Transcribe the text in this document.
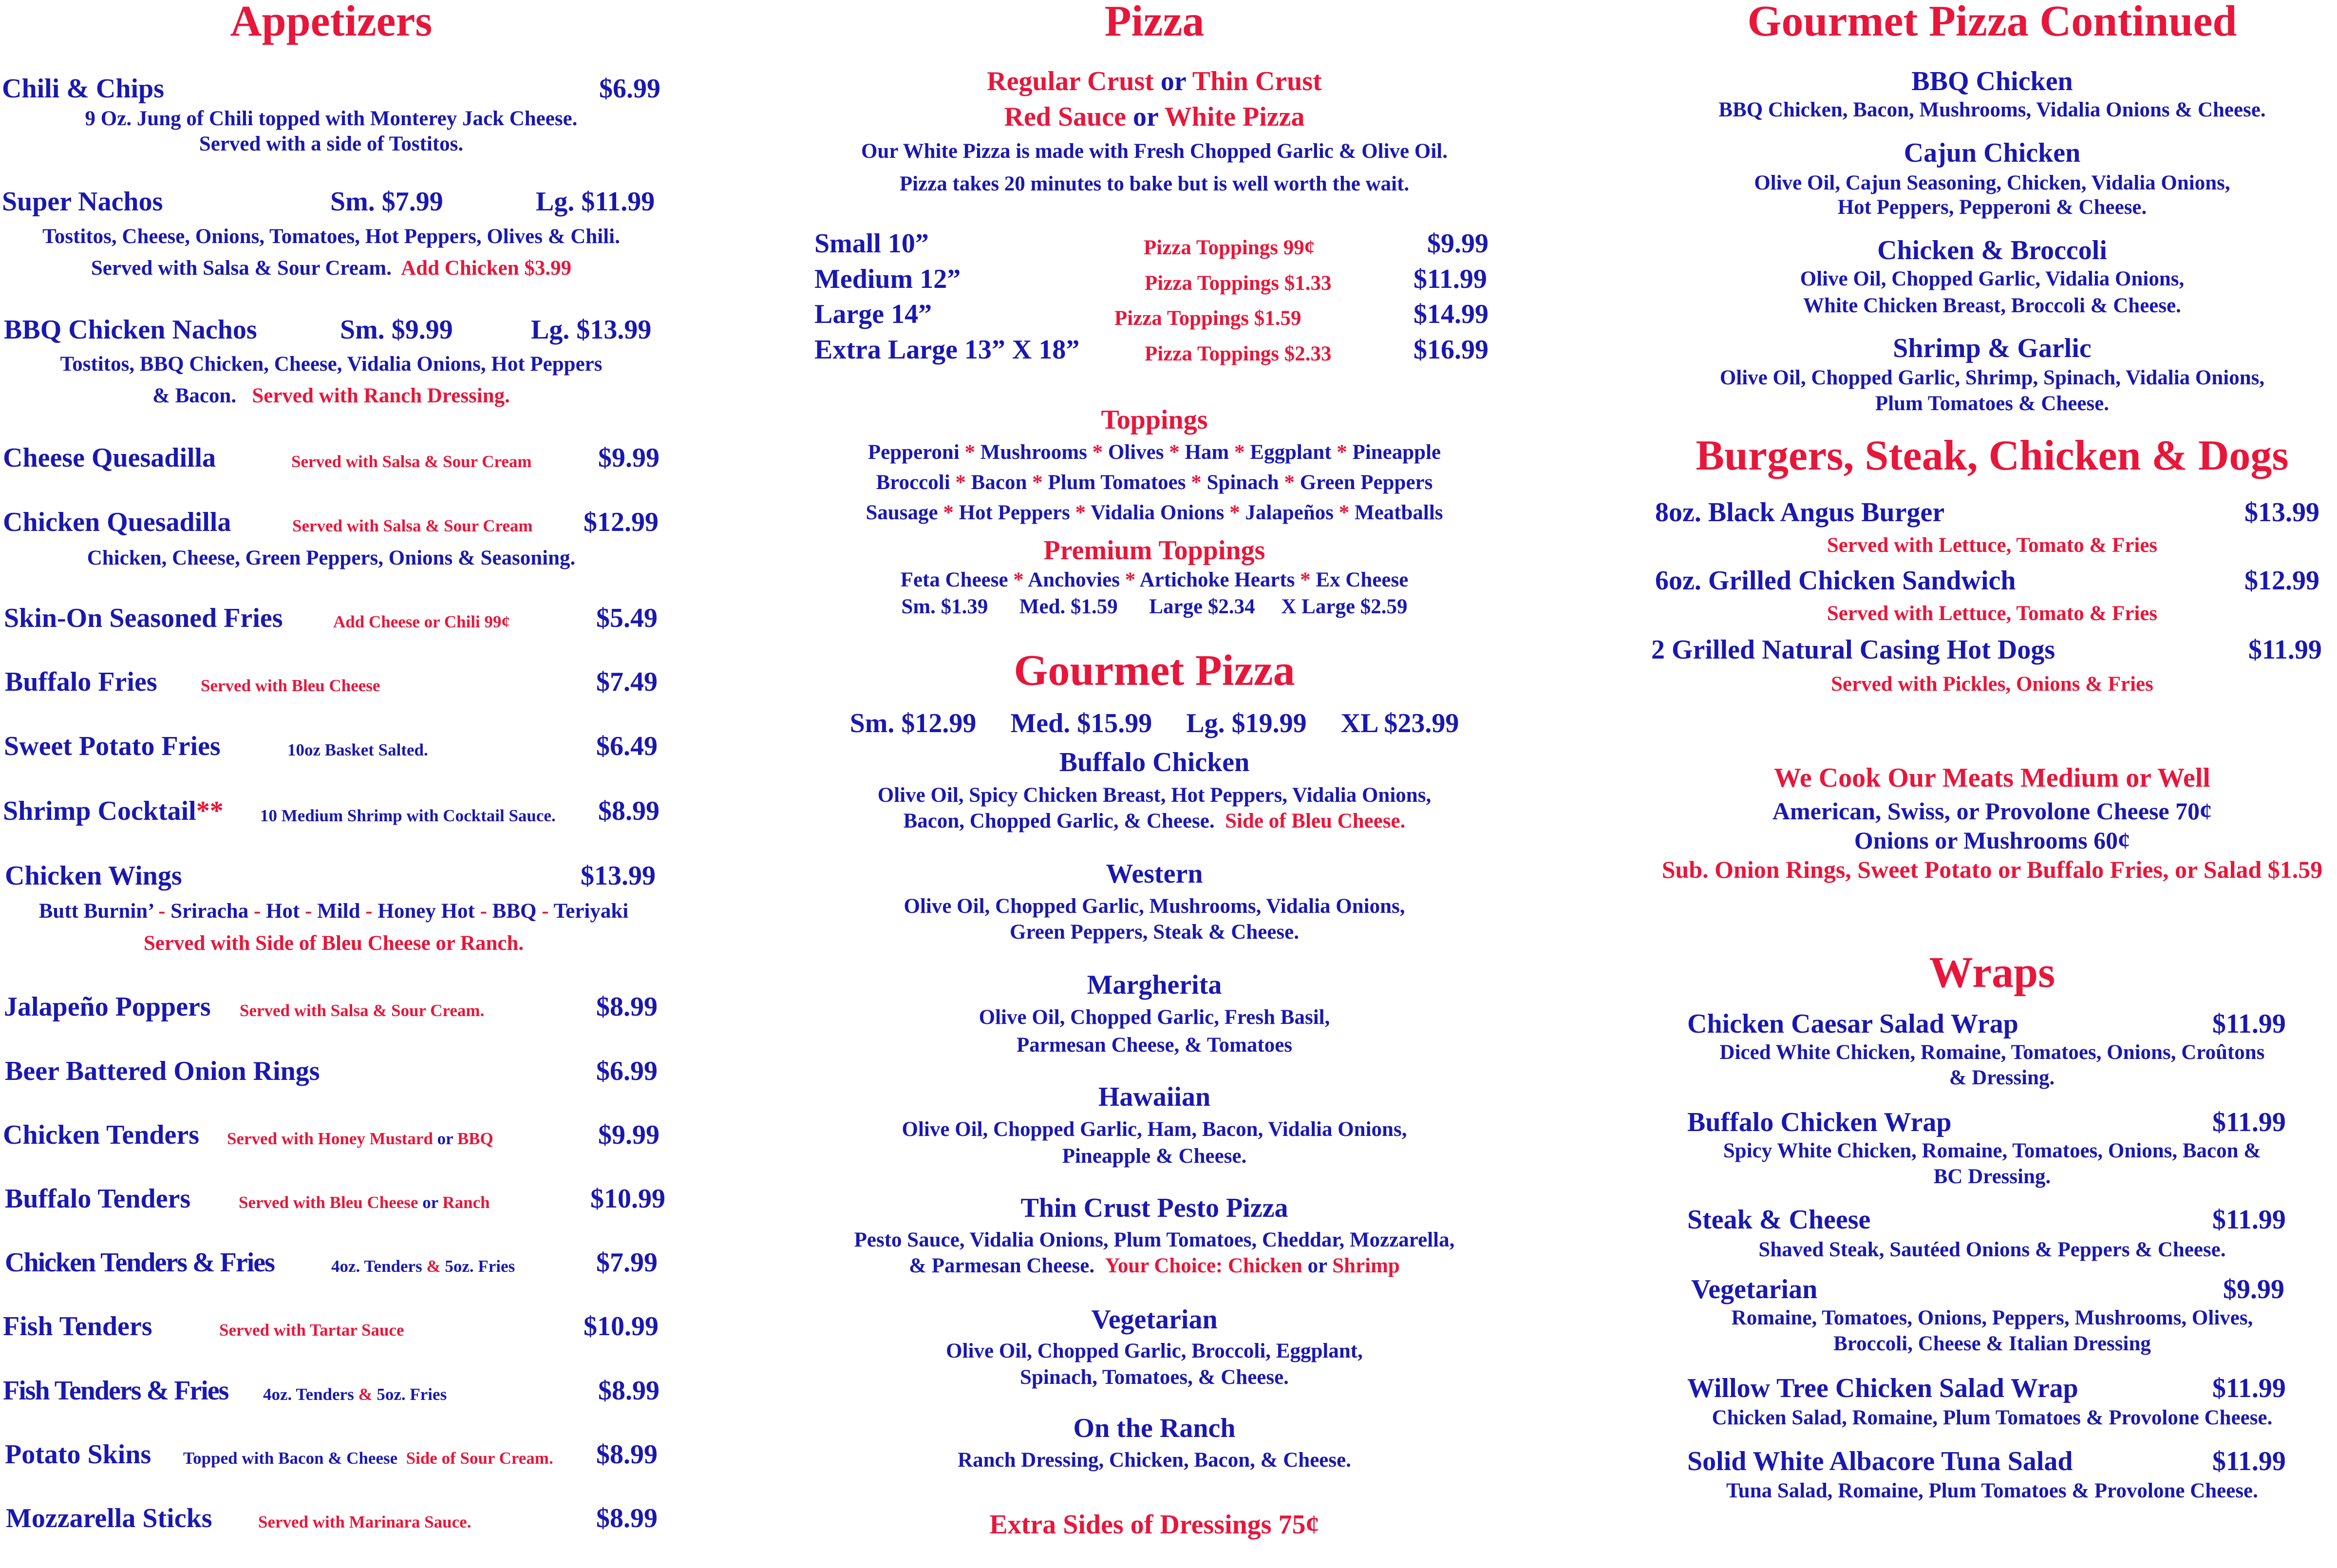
Appetizers
Chili & Chips	$6.99
9 Oz. Jung of Chili topped with Monterey Jack Cheese.
Served with a side of Tostitos.
Super Nachos	Sm. $7.99	Lg. $11.99
Tostitos, Cheese, Onions, Tomatoes, Hot Peppers, Olives & Chili.
Served with Salsa & Sour Cream. Add Chicken $3.99
BBQ Chicken Nachos	Sm. $9.99	Lg. $13.99
Tostitos, BBQ Chicken, Cheese, Vidalia Onions, Hot Peppers
& Bacon. Served with Ranch Dressing.
Cheese Quesadilla	Served with Salsa & Sour Cream $9.99
Chicken Quesadilla	Served with Salsa & Sour Cream $12.99
Chicken, Cheese, Green Peppers, Onions & Seasoning.
Skin-On Seasoned Fries	Add Cheese or Chili 99¢	$5.49
Buffalo Fries	Served with Bleu Cheese	$7.49
Sweet Potato Fries	10oz Basket Salted.	$6.49
Shrimp Cocktail** 10 Medium Shrimp with Cocktail Sauce. $8.99
Chicken Wings	$13.99
Butt Burnin’ - Sriracha - Hot - Mild - Honey Hot - BBQ - Teriyaki
Served with Side of Bleu Cheese or Ranch.
Jalapeño Poppers Served with Salsa & Sour Cream.	$8.99
Beer Battered Onion Rings	$6.99
Chicken Tenders Served with Honey Mustard or BBQ	$9.99
Buffalo Tenders	Served with Bleu Cheese or Ranch	$10.99
Chicken Tenders & Fries	4oz. Tenders & 5oz. Fries	$7.99
Fish Tenders	Served with Tartar Sauce	$10.99
Fish Tenders & Fries 4oz. Tenders & 5oz. Fries	$8.99
Potato Skins Topped with Bacon & Cheese Side of Sour Cream. $8.99
Mozzarella Sticks	Served with Marinara Sauce.	$8.99
Pizza
Regular Crust or Thin Crust
Red Sauce or White Pizza
Our White Pizza is made with Fresh Chopped Garlic & Olive Oil.
Pizza takes 20 minutes to bake but is well worth the wait.
Small 10”	Pizza Toppings 99¢	$9.99
Medium 12”	Pizza Toppings $1.33	$11.99
Large 14”	Pizza Toppings $1.59	$14.99
Extra Large 13” X 18”	Pizza Toppings $2.33	$16.99
Toppings
Pepperoni * Mushrooms * Olives * Ham * Eggplant * Pineapple
Broccoli * Bacon * Plum Tomatoes * Spinach * Green Peppers
Sausage * Hot Peppers * Vidalia Onions * Jalapeños * Meatballs
Premium Toppings
Feta Cheese * Anchovies * Artichoke Hearts * Ex Cheese
Sm. $1.39      Med. $1.59      Large $2.34     X Large $2.59
Gourmet Pizza
Sm. $12.99     Med. $15.99     Lg. $19.99     XL $23.99
Buffalo Chicken
Olive Oil, Spicy Chicken Breast, Hot Peppers, Vidalia Onions,
Bacon, Chopped Garlic, & Cheese. Side of Bleu Cheese.
Western
Olive Oil, Chopped Garlic, Mushrooms, Vidalia Onions,
Green Peppers, Steak & Cheese.
Margherita
Olive Oil, Chopped Garlic, Fresh Basil,
Parmesan Cheese, & Tomatoes
Hawaiian
Olive Oil, Chopped Garlic, Ham, Bacon, Vidalia Onions,
Pineapple & Cheese.
Thin Crust Pesto Pizza
Pesto Sauce, Vidalia Onions, Plum Tomatoes, Cheddar, Mozzarella,
& Parmesan Cheese. Your Choice: Chicken or Shrimp
Vegetarian
Olive Oil, Chopped Garlic, Broccoli, Eggplant,
Spinach, Tomatoes, & Cheese.
On the Ranch
Ranch Dressing, Chicken, Bacon, & Cheese.
Extra Sides of Dressings 75¢
Gourmet Pizza Continued
BBQ Chicken
BBQ Chicken, Bacon, Mushrooms, Vidalia Onions & Cheese.
Cajun Chicken
Olive Oil, Cajun Seasoning, Chicken, Vidalia Onions,
Hot Peppers, Pepperoni & Cheese.
Chicken & Broccoli
Olive Oil, Chopped Garlic, Vidalia Onions,
White Chicken Breast, Broccoli & Cheese.
Shrimp & Garlic
Olive Oil, Chopped Garlic, Shrimp, Spinach, Vidalia Onions,
Plum Tomatoes & Cheese.
Burgers, Steak, Chicken & Dogs
8oz. Black Angus Burger	$13.99
Served with Lettuce, Tomato & Fries
6oz. Grilled Chicken Sandwich	$12.99
Served with Lettuce, Tomato & Fries
2 Grilled Natural Casing Hot Dogs	$11.99
Served with Pickles, Onions & Fries
We Cook Our Meats Medium or Well
American, Swiss, or Provolone Cheese 70¢
Onions or Mushrooms 60¢
Sub. Onion Rings, Sweet Potato or Buffalo Fries, or Salad $1.59
Wraps
Chicken Caesar Salad Wrap	$11.99
Diced White Chicken, Romaine, Tomatoes, Onions, Croûtons
& Dressing.
Buffalo Chicken Wrap	$11.99
Spicy White Chicken, Romaine, Tomatoes, Onions, Bacon &
BC Dressing.
Steak & Cheese	$11.99
Shaved Steak, Sautéed Onions & Peppers & Cheese.
Vegetarian	$9.99
Romaine, Tomatoes, Onions, Peppers, Mushrooms, Olives,
Broccoli, Cheese & Italian Dressing
Willow Tree Chicken Salad Wrap	$11.99
Chicken Salad, Romaine, Plum Tomatoes & Provolone Cheese.
Solid White Albacore Tuna Salad	$11.99
Tuna Salad, Romaine, Plum Tomatoes & Provolone Cheese.
